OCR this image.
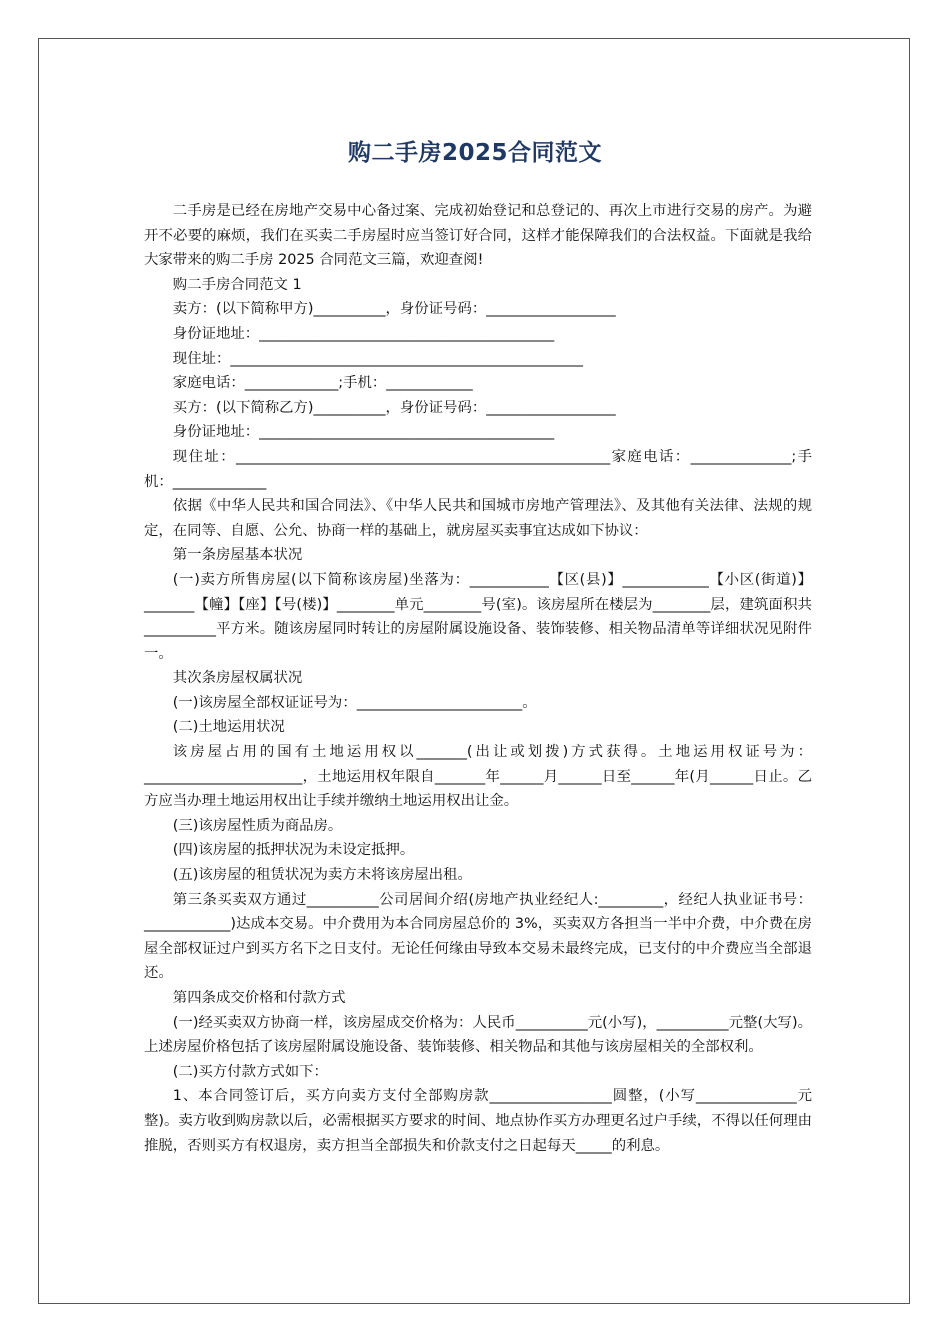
购二手房2025合同范文

二手房是已经在房地产交易中心备过案、完成初始登记和总登记的、再次上市进行交易的房产。为避开不必要的麻烦，我们在买卖二手房屋时应当签订好合同，这样才能保障我们的合法权益。下面就是我给大家带来的购二手房 2025 合同范文三篇，欢迎查阅!

购二手房合同范文 1

卖方：(以下简称甲方)__________，身份证号码：__________________

身份证地址：_________________________________________

现住址：_________________________________________________

家庭电话：_____________;手机：____________

买方：(以下简称乙方)__________，身份证号码：__________________

身份证地址：_________________________________________

现住址：____________________________________________________家庭电话：______________;手机：_____________

依据《中华人民共和国合同法》、《中华人民共和国城市房地产管理法》、及其他有关法律、法规的规定，在同等、自愿、公允、协商一样的基础上，就房屋买卖事宜达成如下协议：

第一条房屋基本状况

(一)卖方所售房屋(以下简称该房屋)坐落为：___________【区(县)】____________【小区(街道)】_______【幢】【座】【号(楼)】________单元________号(室)。该房屋所在楼层为________层，建筑面积共__________平方米。随该房屋同时转让的房屋附属设施设备、装饰装修、相关物品清单等详细状况见附件一。

其次条房屋权属状况

(一)该房屋全部权证证号为：_______________________。

(二)土地运用状况

该房屋占用的国有土地运用权以_______(出让或划拨)方式获得。土地运用权证号为：______________________，土地运用权年限自_______年______月______日至______年(月______日止。乙方应当办理土地运用权出让手续并缴纳土地运用权出让金。

(三)该房屋性质为商品房。

(四)该房屋的抵押状况为未设定抵押。

(五)该房屋的租赁状况为卖方未将该房屋出租。

第三条买卖双方通过__________公司居间介绍(房地产执业经纪人:_________，经纪人执业证书号：____________)达成本交易。中介费用为本合同房屋总价的 3%，买卖双方各担当一半中介费，中介费在房屋全部权证过户到买方名下之日支付。无论任何缘由导致本交易未最终完成，已支付的中介费应当全部退还。

第四条成交价格和付款方式

(一)经买卖双方协商一样，该房屋成交价格为：人民币__________元(小写)，__________元整(大写)。上述房屋价格包括了该房屋附属设施设备、装饰装修、相关物品和其他与该房屋相关的全部权利。

(二)买方付款方式如下：

1、本合同签订后，买方向卖方支付全部购房款_________________圆整，(小写______________元整)。卖方收到购房款以后，必需根据买方要求的时间、地点协作买方办理更名过户手续，不得以任何理由推脱，否则买方有权退房，卖方担当全部损失和价款支付之日起每天_____的利息。
